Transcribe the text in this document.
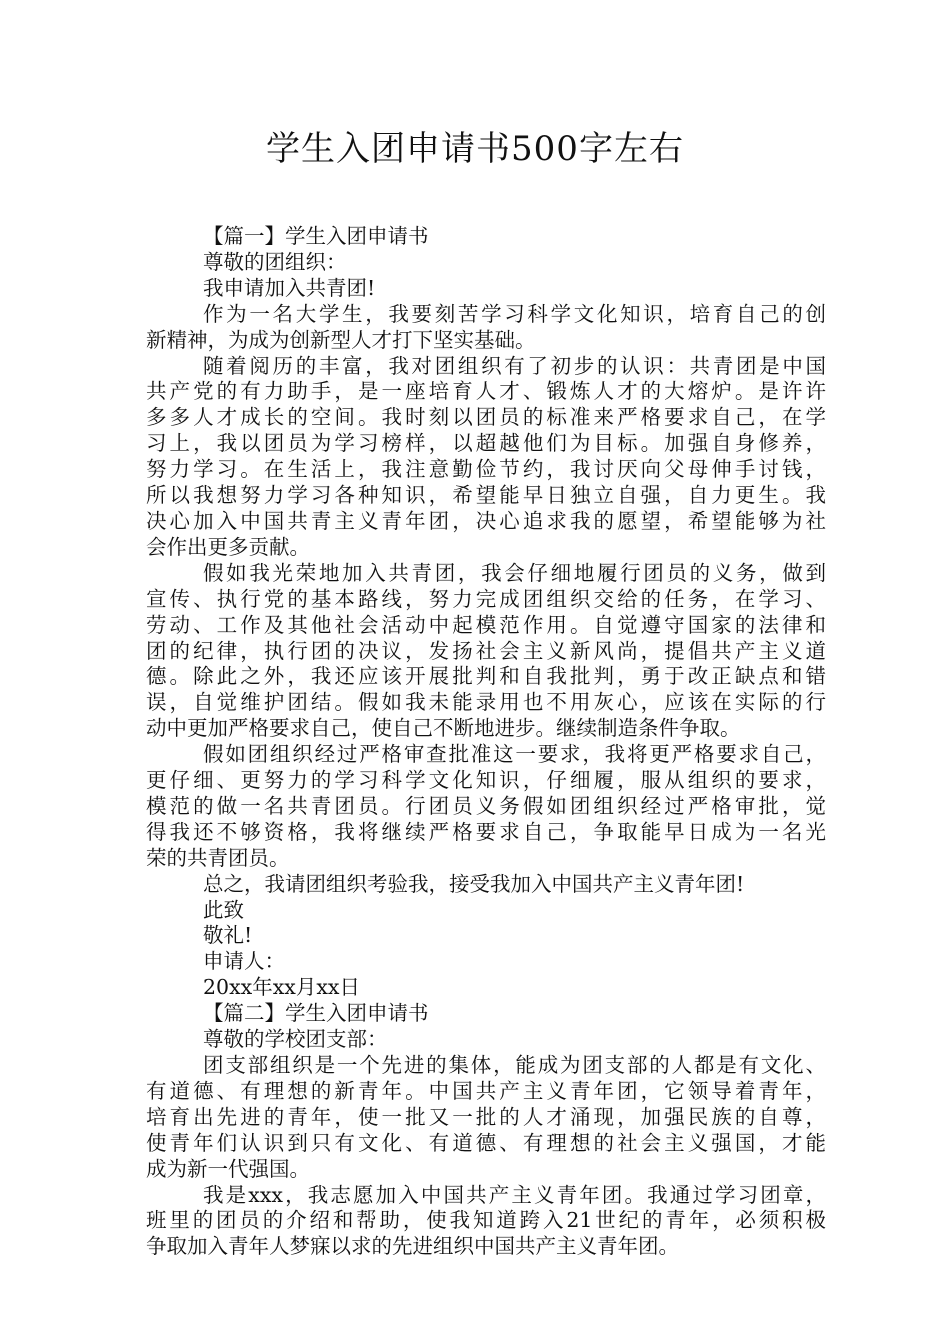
学生入团申请书500字左右
【篇一】学生入团申请书
尊敬的团组织：
我申请加入共青团!
作为一名大学生，我要刻苦学习科学文化知识，培育自己的创
新精神，为成为创新型人才打下坚实基础。
随着阅历的丰富，我对团组织有了初步的认识：共青团是中国
共产党的有力助手，是一座培育人才、锻炼人才的大熔炉。是许许
多多人才成长的空间。我时刻以团员的标准来严格要求自己，在学
习上，我以团员为学习榜样，以超越他们为目标。加强自身修养，
努力学习。在生活上，我注意勤俭节约，我讨厌向父母伸手讨钱，
所以我想努力学习各种知识，希望能早日独立自强，自力更生。我
决心加入中国共青主义青年团，决心追求我的愿望，希望能够为社
会作出更多贡献。
假如我光荣地加入共青团，我会仔细地履行团员的义务，做到
宣传、执行党的基本路线，努力完成团组织交给的任务，在学习、
劳动、工作及其他社会活动中起模范作用。自觉遵守国家的法律和
团的纪律，执行团的决议，发扬社会主义新风尚，提倡共产主义道
德。除此之外，我还应该开展批判和自我批判，勇于改正缺点和错
误，自觉维护团结。假如我未能录用也不用灰心，应该在实际的行
动中更加严格要求自己，使自己不断地进步。继续制造条件争取。
假如团组织经过严格审查批准这一要求，我将更严格要求自己，
更仔细、更努力的学习科学文化知识，仔细履，服从组织的要求，
模范的做一名共青团员。行团员义务假如团组织经过严格审批，觉
得我还不够资格，我将继续严格要求自己，争取能早日成为一名光
荣的共青团员。
总之，我请团组织考验我，接受我加入中国共产主义青年团!
此致
敬礼!
申请人：
20xx年xx月xx日
【篇二】学生入团申请书
尊敬的学校团支部：
团支部组织是一个先进的集体，能成为团支部的人都是有文化、
有道德、有理想的新青年。中国共产主义青年团，它领导着青年，
培育出先进的青年，使一批又一批的人才涌现，加强民族的自尊，
使青年们认识到只有文化、有道德、有理想的社会主义强国，才能
成为新一代强国。
我是xxx，我志愿加入中国共产主义青年团。我通过学习团章，
班里的团员的介绍和帮助，使我知道跨入21世纪的青年，必须积极
争取加入青年人梦寐以求的先进组织中国共产主义青年团。
